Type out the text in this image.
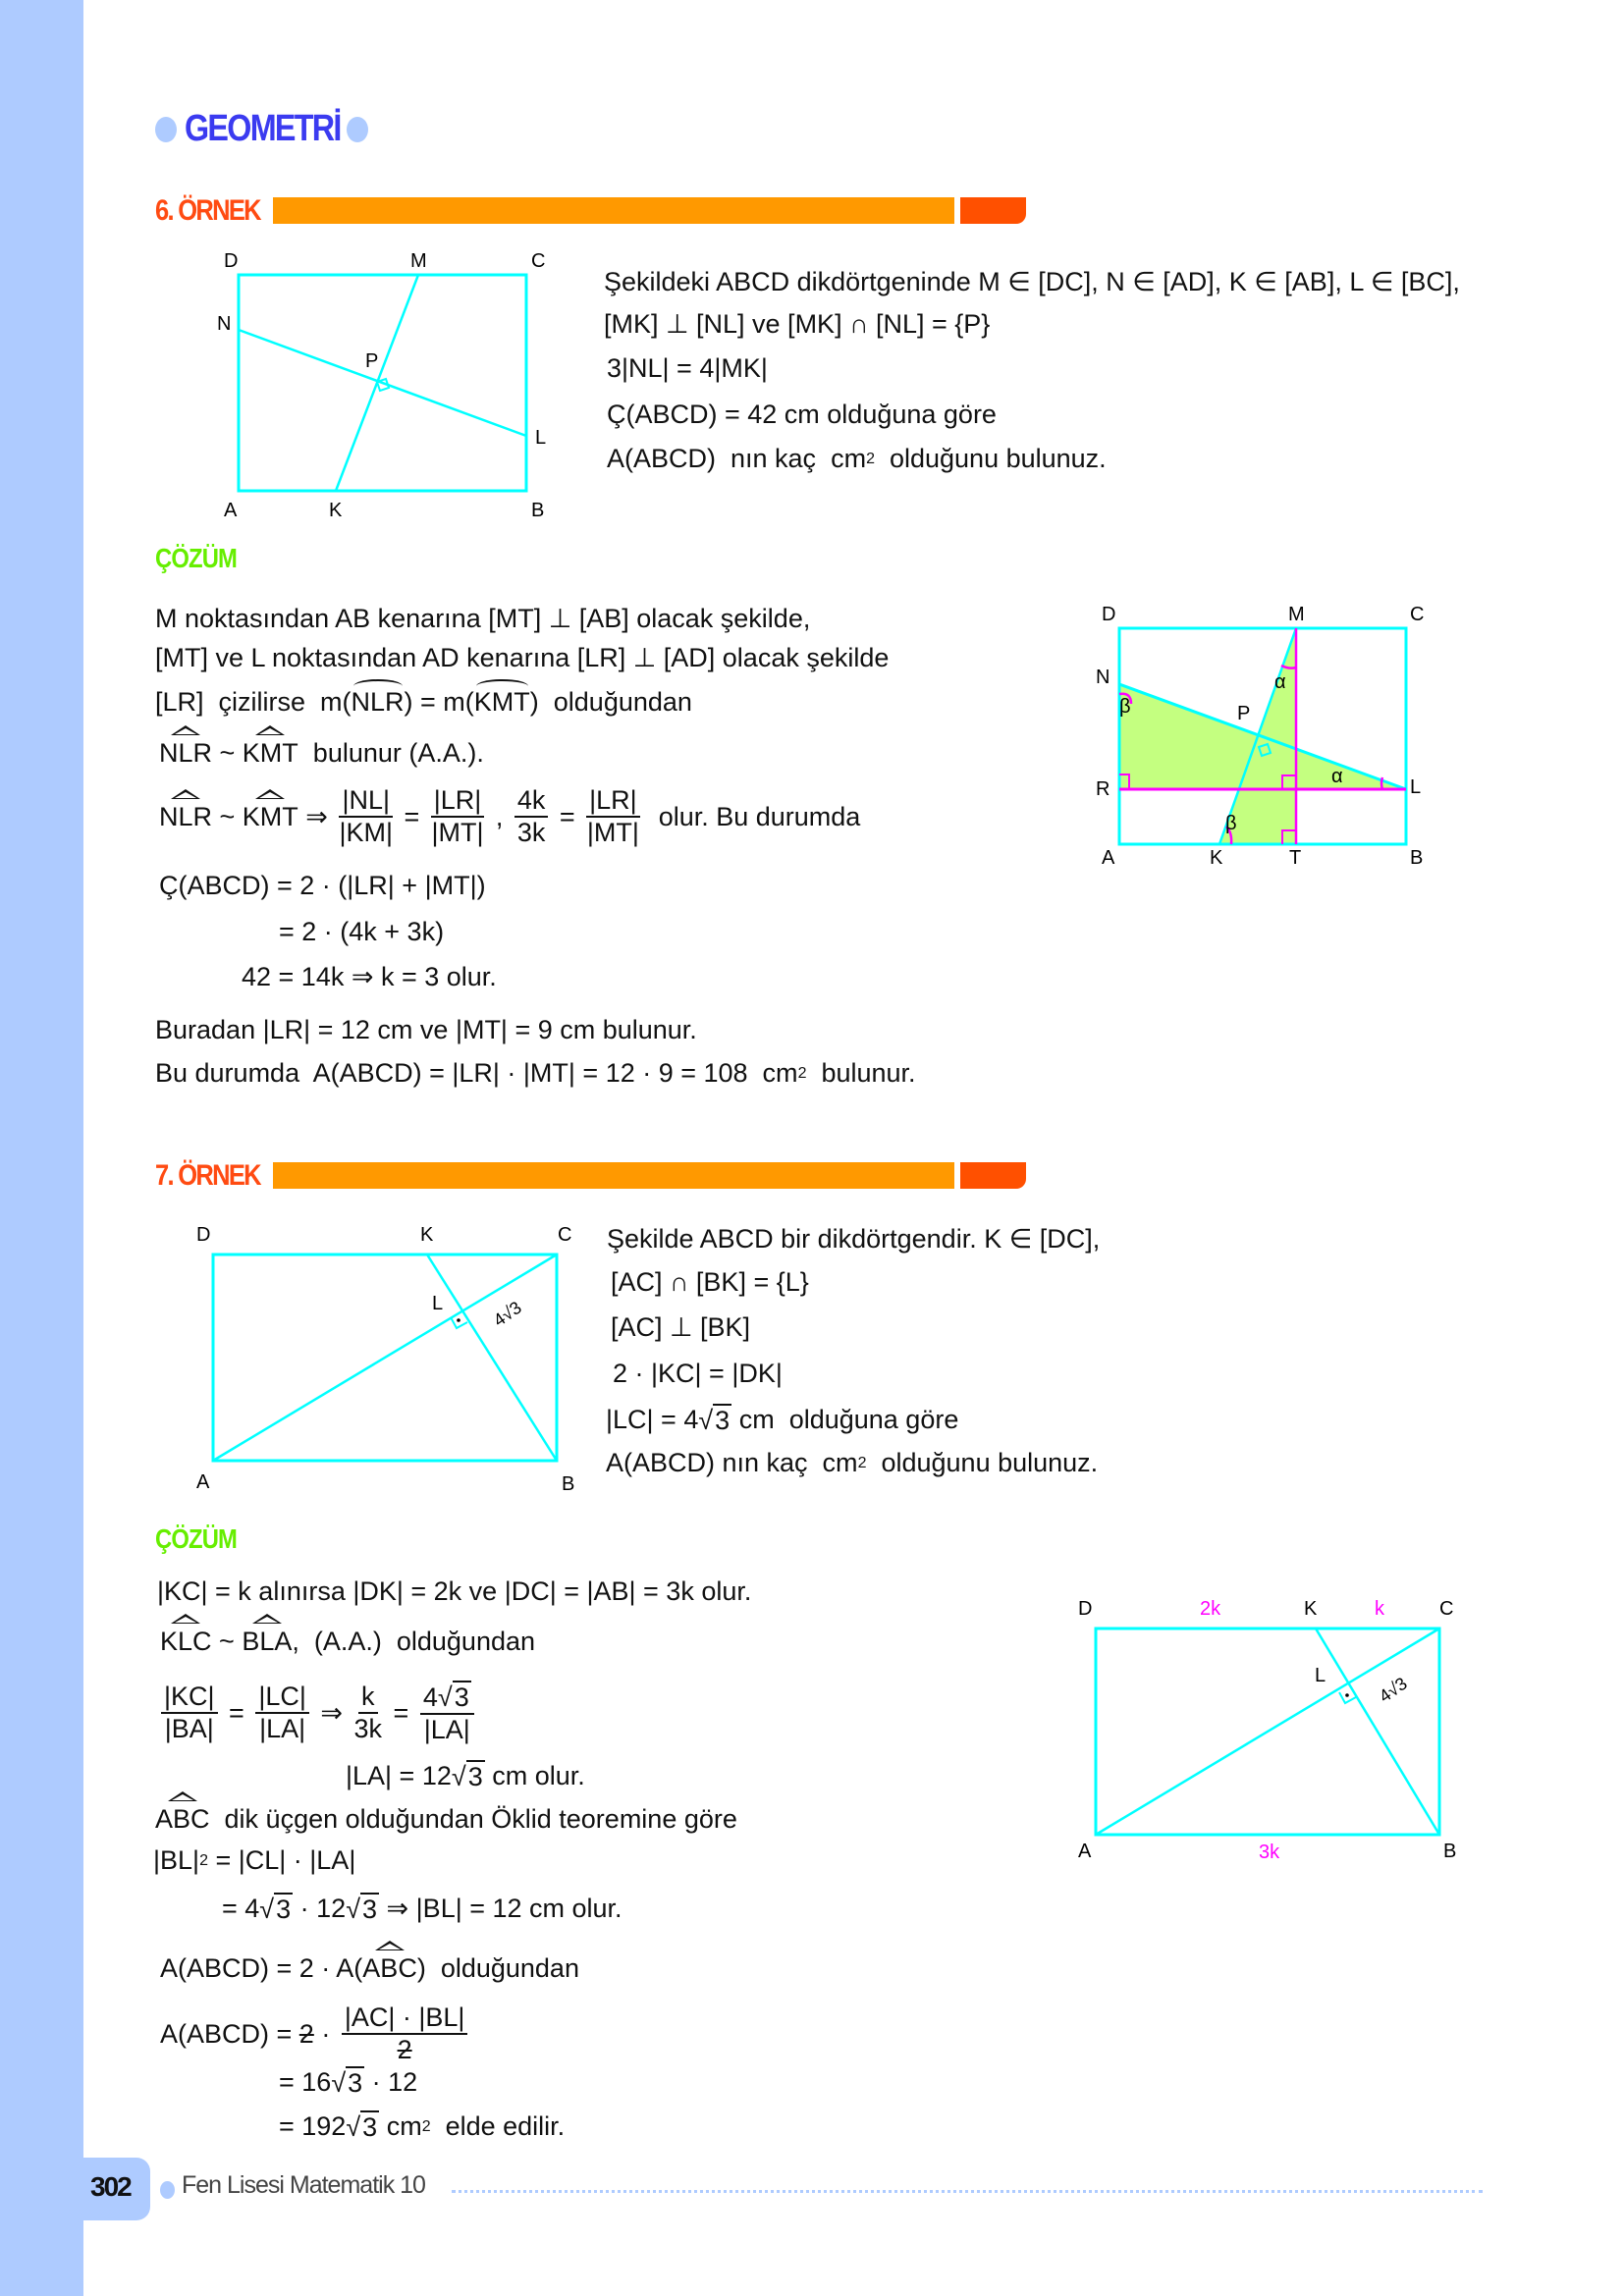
GEOMETRİ
6. ÖRNEK
D	M	C
N
P
L
A	K	B
Şekildeki ABCD dikdörtgeninde M ∈ [DC], N ∈ [AD], K ∈ [AB], L ∈ [BC],
[MK] ⊥ [NL] ve [MK] ∩ [NL] = {P}
3|NL| = 4|MK|
Ç(ABCD) = 42 cm olduğuna göre
A(ABCD)  nın kaç  cm 2 olduğunu bulunuz.
ÇÖZÜM
M noktasından AB kenarına [MT] ⊥ [AB] olacak şekilde,
[MT] ve L noktasından AD kenarına [LR] ⊥ [AD] olacak şekilde
[LR]  çizilirse  m( NLR ) = m( KMT )  olduğundan
NLR ~ KMT bulunur (A.A.).
NLR ~ KMT ⇒ $\frac{|NL|}{|KM|} = \frac{|LR|}{|MT|}$ , $\frac{4k}{3k} = \frac{|LR|}{|MT|}$ olur. Bu durumda
Ç(ABCD) = 2 · (|LR| + |MT|)
= 2 · (4k + 3k)
42 = 14k ⇒ k = 3 olur.
Buradan |LR| = 12 cm ve |MT| = 9 cm bulunur.
Bu durumda  A(ABCD) = |LR| · |MT| = 12 · 9 = 108  cm 2 bulunur.
D	M	C
N
P
R	L
A	K	T	B
α
α
β
β
7. ÖRNEK
D	K	C
L
A	B
4√3
Şekilde ABCD bir dikdörtgendir. K ∈ [DC],
[AC] ∩ [BK] = {L}
[AC] ⊥ [BK]
2 · |KC| = |DK|
|LC| = 4 √ 3 cm  olduğuna göre
A(ABCD) nın kaç  cm 2 olduğunu bulunuz.
ÇÖZÜM
|KC| = k alınırsa |DK| = 2k ve |DC| = |AB| = 3k olur.
KLC ~ BLA ,  (A.A.)  olduğundan
$\frac{|KC|}{|BA|} = \frac{|LC|}{|LA|}$ ⇒ $\frac{k}{3k} = \frac{4√ 3}{|LA|}$
|LA| = 12 √ 3 cm olur.
ABC dik üçgen olduğundan Öklid teoremine göre
|BL| 2 = |CL| · |LA|
= 4 √ 3 · 12 √ 3 ⇒ |BL| = 12 cm olur.
A(ABCD) = 2 · A( ABC )  olduğundan
A(ABCD) = $2 \cdot \frac{|AC| \cdot |BL|}{2}$
= 16 √ 3 · 12
= 192 √ 3 cm 2 elde edilir.
D	2k	K	k	C
L	4√3
A	3k	B
302 Fen Lisesi Matematik 10
